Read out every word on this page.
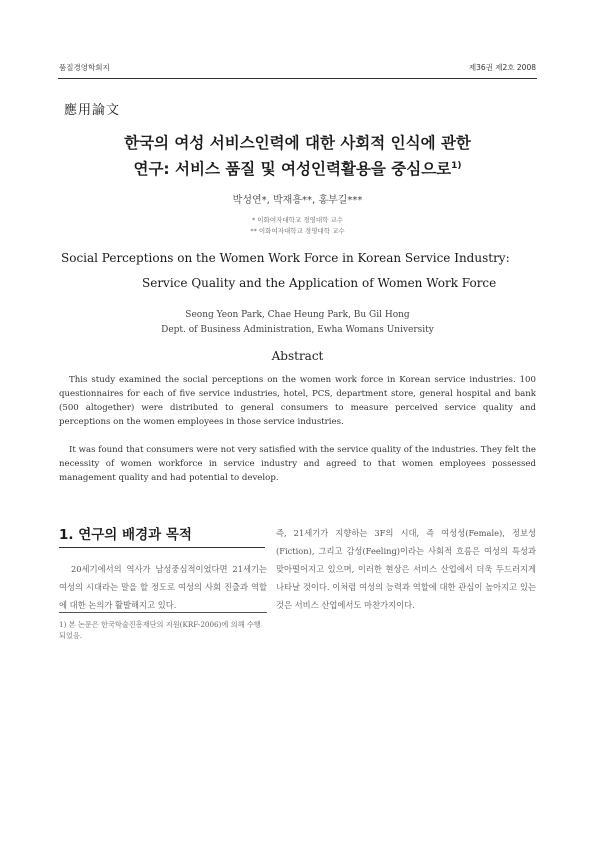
품질경영학회지	제36권 제2호 2008
應用論文
한국의 여성 서비스인력에 대한 사회적 인식에 관한
연구: 서비스 품질 및 여성인력활용을 중심으로$^{1)}$
박성연*, 박재흥**, 홍부길***
* 이화여자대학교 경영대학 교수
** 이화여자대학교 경영대학 교수
Social Perceptions on the Women Work Force in Korean Service Industry:
Service Quality and the Application of Women Work Force
Seong Yeon Park, Chae Heung Park, Bu Gil Hong
Dept. of Business Administration, Ewha Womans University
Abstract
This study examined the social perceptions on the women work force in Korean service industries. 100 questionnaires for each of five service industries, hotel, PCS, department store, general hospital and bank (500 altogether) were distributed to general consumers to measure perceived service quality and perceptions on the women employees in those service industries.
It was found that consumers were not very satisfied with the service quality of the industries. They felt the necessity of women workforce in service industry and agreed to that women employees possessed management quality and had potential to develop.
1. 연구의 배경과 목적
20세기에서의 역사가 남성중심적이었다면 21세기는 여성의 시대라는 말을 할 정도로 여성의 사회 진출과 역할에 대한 논의가 활발해지고 있다.
1) 본 논문은 한국학술진흥재단의 지원(KRF-2006)에 의해 수행되었음.
즉, 21세기가 지향하는 3F의 시대, 즉 여성성(Female), 정보성(Fiction), 그리고 감성(Feeling)이라는 사회적 흐름은 여성의 특성과 맞아떨어지고 있으며, 이러한 현상은 서비스 산업에서 더욱 두드러지게 나타날 것이다. 이처럼 여성의 능력과 역할에 대한 관심이 높아지고 있는 것은 서비스 산업에서도 마찬가지이다.
